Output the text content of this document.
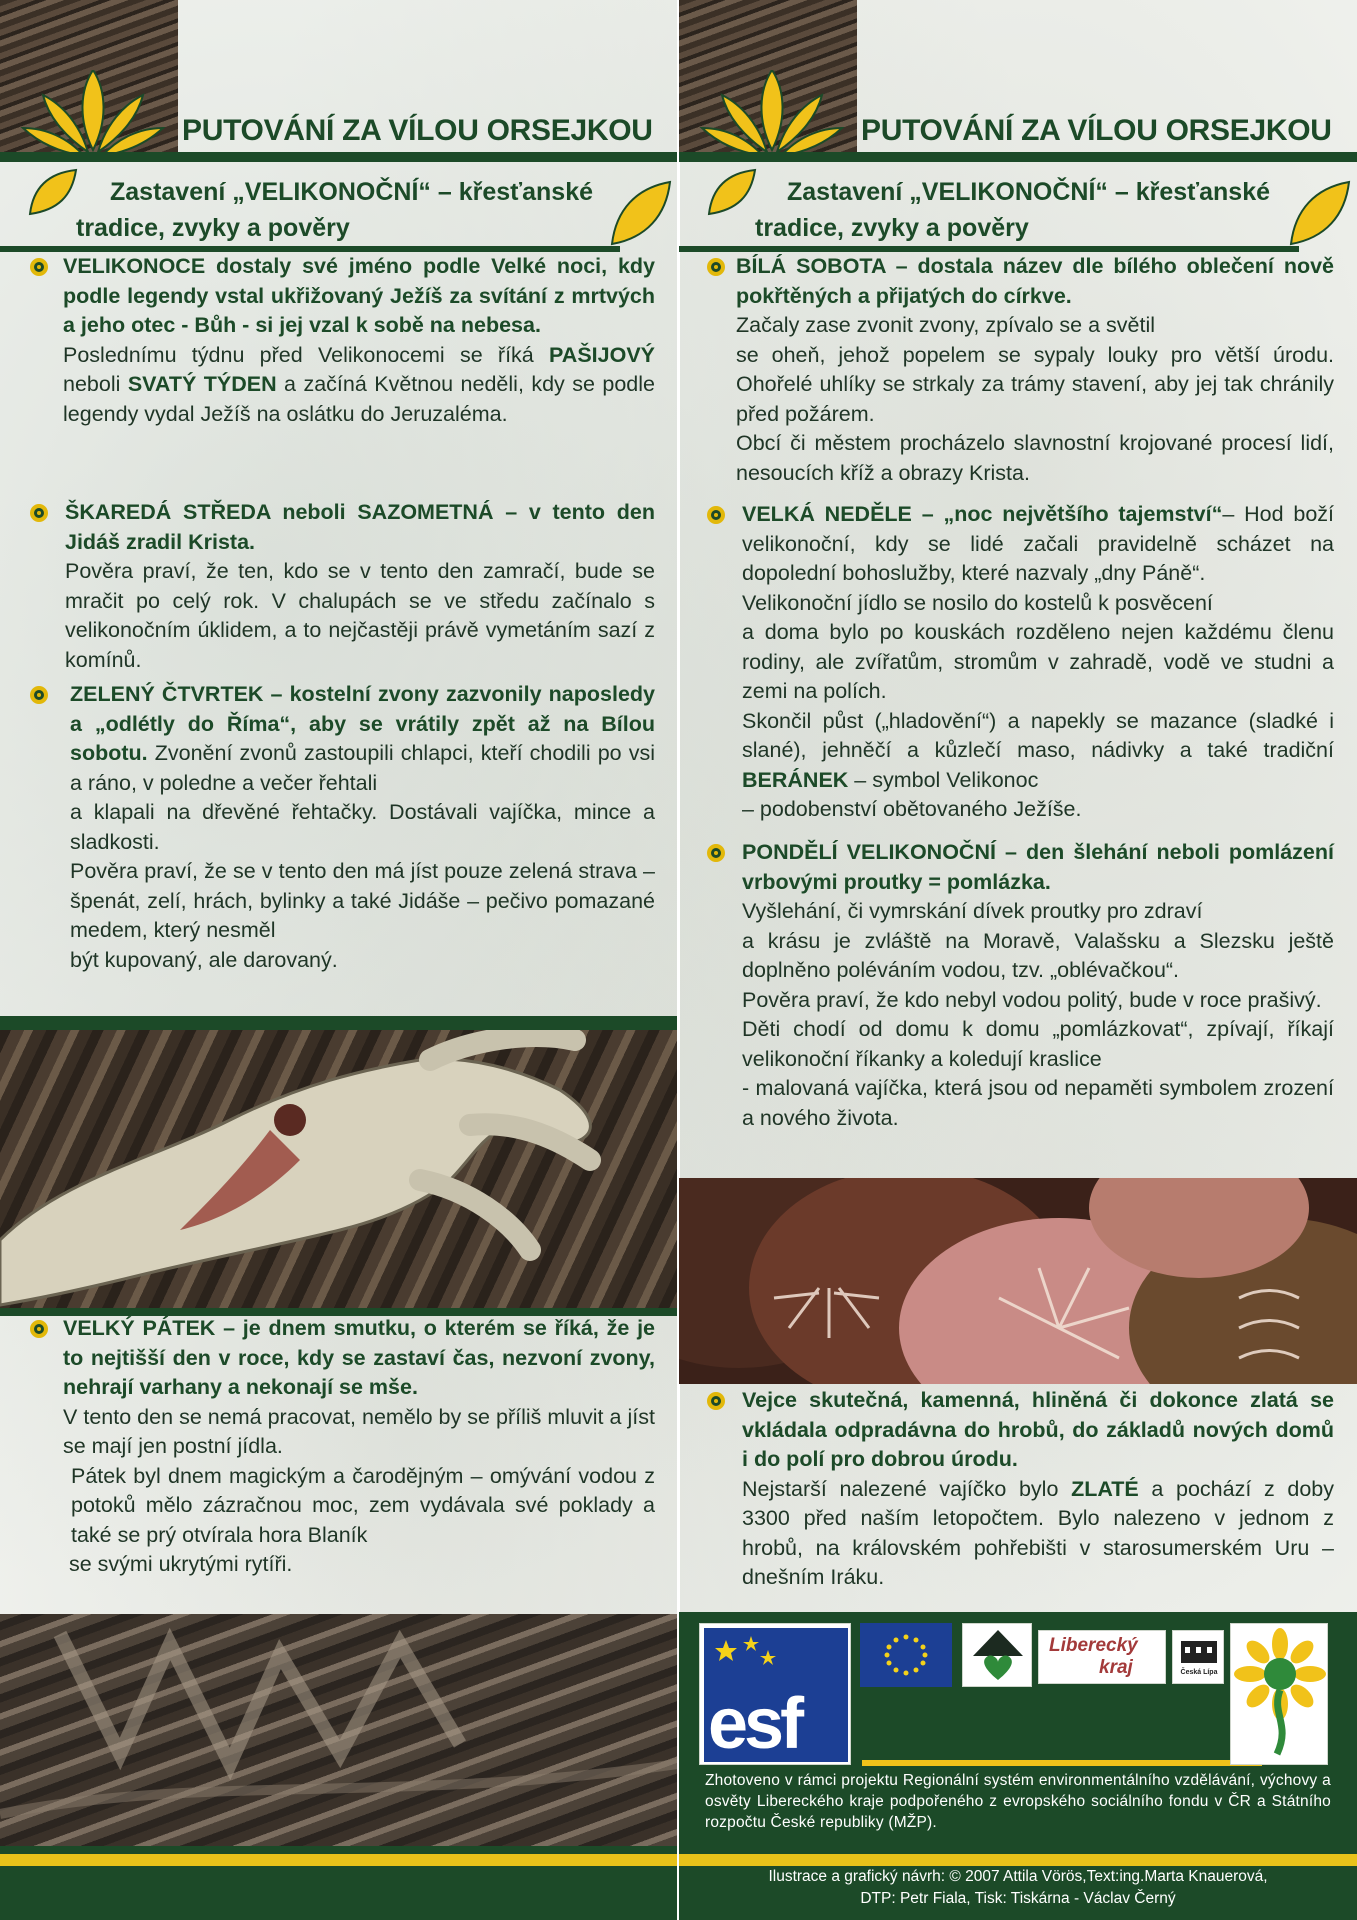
PUTOVÁNÍ ZA VÍLOU ORSEJKOU
Zastavení „VELIKONOČNÍ“ – křesťanské
tradice, zvyky a pověry

VELIKONOCE dostaly své jméno podle Velké noci, kdy podle legendy vstal ukřižovaný Ježíš za svítání z mrtvých a jeho otec - Bůh - si jej vzal k sobě na nebesa.

Poslednímu týdnu před Velikonocemi se říká PAŠIJOVÝ neboli SVATÝ TÝDEN a začíná Květnou neděli, kdy se podle legendy vydal Ježíš na oslátku do Jeruzaléma.

ŠKAREDÁ STŘEDA neboli SAZOMETNÁ – v tento den Jidáš zradil Krista.

Pověra praví, že ten, kdo se v tento den zamračí, bude se mračit po celý rok. V chalupách se ve středu začínalo s velikonočním úklidem, a to nejčastěji právě vymetáním sazí z komínů.

ZELENÝ ČTVRTEK – kostelní zvony zazvonily naposledy a „odlétly do Říma“, aby se vrátily zpět až na Bílou sobotu. Zvonění zvonů zastoupili chlapci, kteří chodili po vsi a ráno, v poledne a večer řehtali

a klapali na dřevěné řehtačky. Dostávali vajíčka, mince a sladkosti.

Pověra praví, že se v tento den má jíst pouze zelená strava – špenát, zelí, hrách, bylinky a také Jidáše – pečivo pomazané medem, který nesměl

být kupovaný, ale darovaný.

VELKÝ PÁTEK – je dnem smutku, o kterém se říká, že je to nejtišší den v roce, kdy se zastaví čas, nezvoní zvony, nehrají varhany a nekonají se mše.

V tento den se nemá pracovat, nemělo by se příliš mluvit a jíst se mají jen postní jídla.

Pátek byl dnem magickým a čarodějným – omývání vodou z potoků mělo zázračnou moc, zem vydávala své poklady a také se prý otvírala hora Blaník

se svými ukrytými rytíři.

PUTOVÁNÍ ZA VÍLOU ORSEJKOU
Zastavení „VELIKONOČNÍ“ – křesťanské
tradice, zvyky a pověry

BÍLÁ SOBOTA – dostala název dle bílého oblečení nově pokřtěných a přijatých do církve.

Začaly zase zvonit zvony, zpívalo se a světil

se oheň, jehož popelem se sypaly louky pro větší úrodu. Ohořelé uhlíky se strkaly za trámy stavení, aby jej tak chránily před požárem.

Obcí či městem procházelo slavnostní krojované procesí lidí, nesoucích kříž a obrazy Krista.

VELKÁ NEDĚLE – „noc největšího tajemství“– Hod boží velikonoční, kdy se lidé začali pravidelně scházet na dopolední bohoslužby, které nazvaly „dny Páně“.

Velikonoční jídlo se nosilo do kostelů k posvěcení

a doma bylo po kouskách rozděleno nejen každému členu rodiny, ale zvířatům, stromům v zahradě, vodě ve studni a zemi na polích.

Skončil půst („hladovění“) a napekly se mazance (sladké i slané), jehněčí a kůzlečí maso, nádivky a také tradiční BERÁNEK – symbol Velikonoc

– podobenství obětovaného Ježíše.

PONDĚLÍ VELIKONOČNÍ – den šlehání neboli pomlázení vrbovými proutky = pomlázka.

Vyšlehání, či vymrskání dívek proutky pro zdraví

a krásu je zvláště na Moravě, Valašsku a Slezsku ještě doplněno poléváním vodou, tzv. „oblévačkou“.

Pověra praví, že kdo nebyl vodou politý, bude v roce prašivý.

Děti chodí od domu k domu „pomlázkovat“, zpívají, říkají velikonoční říkanky a koledují kraslice

- malovaná vajíčka, která jsou od nepaměti symbolem zrození a nového života.

Vejce skutečná, kamenná, hliněná či dokonce zlatá se vkládala odpradávna do hrobů, do základů nových domů i do polí pro dobrou úrodu.

Nejstarší nalezené vajíčko bylo ZLATÉ a pochází z doby 3300 před naším letopočtem. Bylo nalezeno v jednom z hrobů, na královském pohřebišti v starosumerském Uru – dnešním Iráku.

esf
Liberecký
kraj	Česká Lípa
Zhotoveno v rámci projektu Regionální systém environmentálního vzdělávání, výchovy a osvěty Libereckého kraje podpořeného z evropského sociálního fondu v ČR a Státního rozpočtu České republiky (MŽP).
Ilustrace a grafický návrh: © 2007 Attila Vörös,Text:ing.Marta Knauerová,
DTP: Petr Fiala, Tisk: Tiskárna - Václav Černý
